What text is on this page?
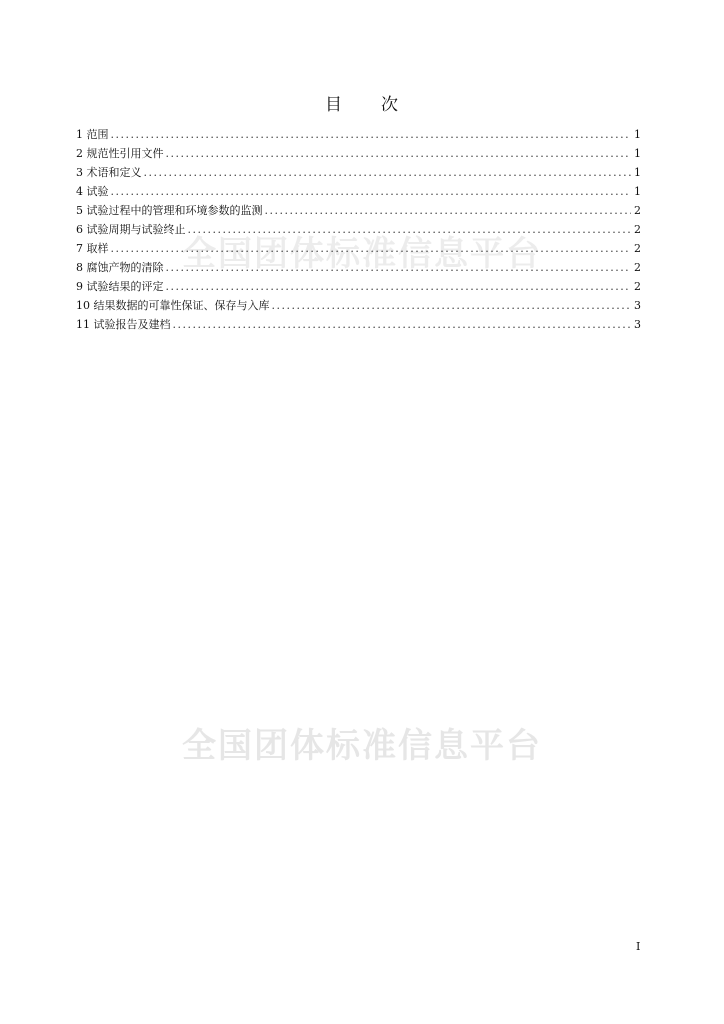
目 次
全国团体标准信息平台
1 范围 .....	1
2 规范性引用文件 .....	1
3 术语和定义 .....	1
4 试验 .....	1
5 试验过程中的管理和环境参数的监测 .....	2
6 试验周期与试验终止 .....	2
7 取样 .....	2
8 腐蚀产物的清除 .....	2
9 试验结果的评定 .....	2
10 结果数据的可靠性保证、保存与入库 .....	3
11 试验报告及建档 .....	3
全国团体标准信息平台
I
